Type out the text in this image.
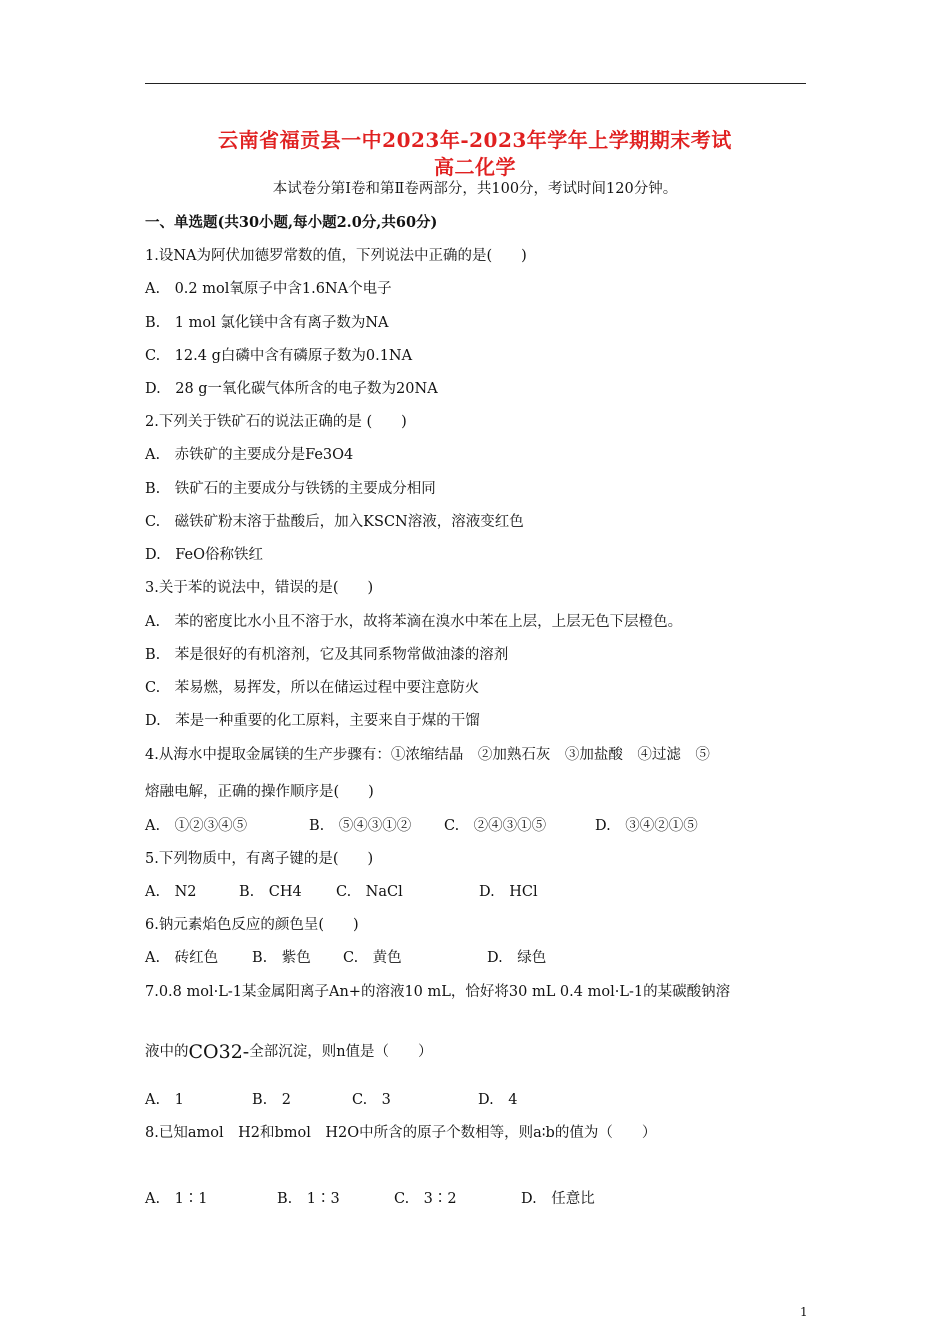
云南省福贡县一中2023年-2023年学年上学期期末考试
高二化学
本试卷分第Ⅰ卷和第Ⅱ卷两部分，共100分，考试时间120分钟。
一、单选题(共30小题,每小题2.0分,共60分)
1.设NA为阿伏加德罗常数的值，下列说法中正确的是(　　)
A.　0.2 mol氧原子中含1.6NA个电子
B.　1 mol 氯化镁中含有离子数为NA
C.　12.4 g白磷中含有磷原子数为0.1NA
D.　28 g一氧化碳气体所含的电子数为20NA
2.下列关于铁矿石的说法正确的是 (　　)
A.　赤铁矿的主要成分是Fe3O4
B.　铁矿石的主要成分与铁锈的主要成分相同
C.　磁铁矿粉末溶于盐酸后，加入KSCN溶液，溶液变红色
D.　FeO俗称铁红
3.关于苯的说法中，错误的是(　　)
A.　苯的密度比水小且不溶于水，故将苯滴在溴水中苯在上层，上层无色下层橙色。
B.　苯是很好的有机溶剂，它及其同系物常做油漆的溶剂
C.　苯易燃，易挥发，所以在储运过程中要注意防火
D.　苯是一种重要的化工原料，主要来自于煤的干馏
4.从海水中提取金属镁的生产步骤有：①浓缩结晶　②加熟石灰　③加盐酸　④过滤　⑤
熔融电解，正确的操作顺序是(　　)
A.　①②③④⑤	B.　⑤④③①② C.　②④③①⑤	D.　③④②①⑤
5.下列物质中，有离子键的是(　　)
A.　N2	B.　CH4 C.　NaCl	D.　HCl
6.钠元素焰色反应的颜色呈(　　)
A.　砖红色 B.　紫色 C.　黄色	D.　绿色
7.0.8 mol·L-1某金属阳离子An+的溶液10 mL，恰好将30 mL 0.4 mol·L-1的某碳酸钠溶
液中的CO32-全部沉淀，则n值是（　　）
A.　1	B.　2	C.　3	D.　4
8.已知amol　H2和bmol　H2O中所含的原子个数相等，则a∶b的值为（　　）
A.　1∶1	B.　1∶3	C.　3∶2	D.　任意比
1
